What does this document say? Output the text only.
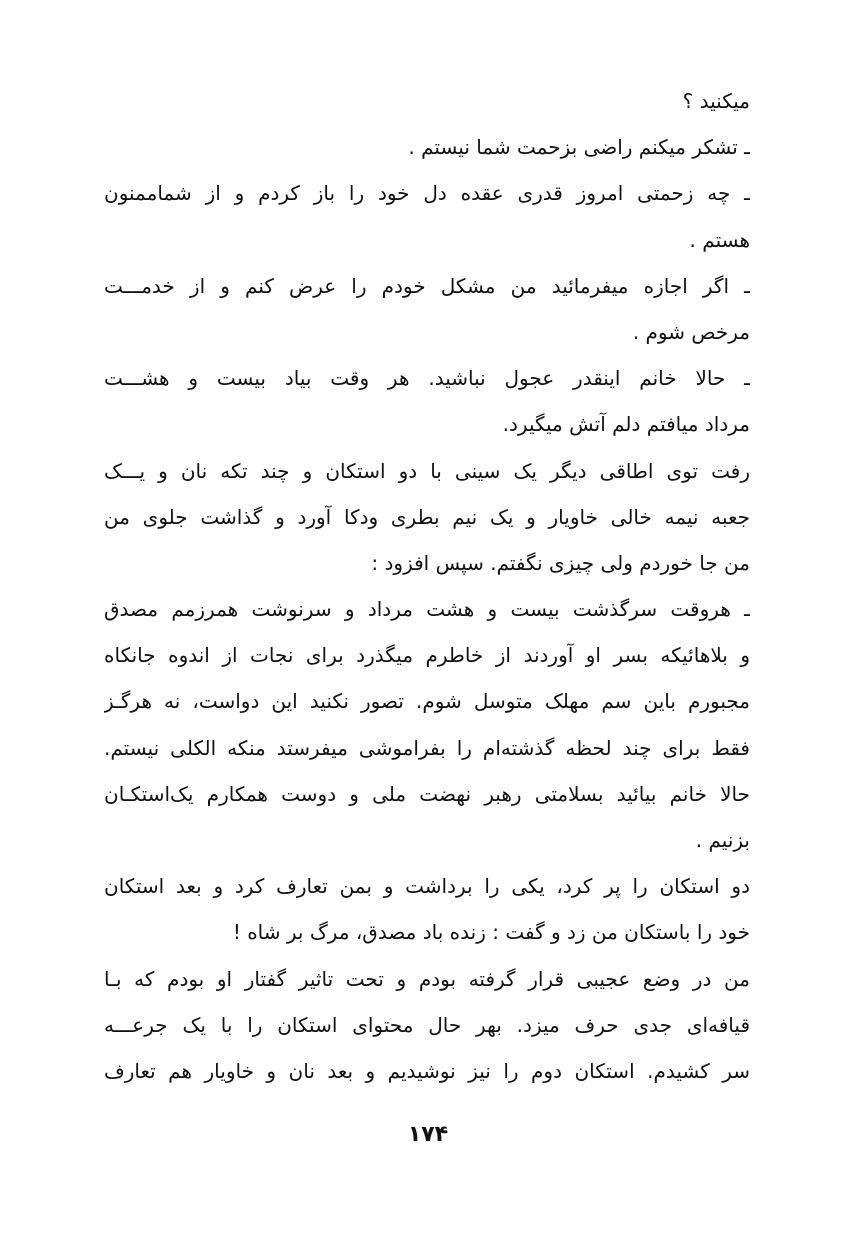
میکنید ؟
ـ تشکر میکنم راضی بزحمت شما نیستم .
ـ چه زحمتی امروز قدری عقده دل خود را باز کردم و از شماممنون
هستم .
ـ اگر اجازه میفرمائید من مشکل خودم را عرض کنم و از خدمـــت
مرخص شوم .
ـ حالا خانم اینقدر عجول نباشید. هر وقت بیاد بیست و هشـــت
مرداد میافتم دلم آتش میگیرد.
رفت توی اطاقی دیگر یک سینی با دو استکان و چند تکه نان و یـــک
جعبه نیمه خالی خاویار و یک نیم بطری ودکا آورد و گذاشت جلوی من
من جا خوردم ولی چیزی نگفتم. سپس افزود :
ـ هروقت سرگذشت بیست و هشت مرداد و سرنوشت همرزمم مصدق
و بلاهائیکه بسر او آوردند از خاطرم میگذرد برای نجات از اندوه جانکاه
مجبورم باین سم مهلک متوسل شوم. تصور نکنید این دواست، نه هرگـز
فقط برای چند لحظه گذشته‌ام را بفراموشی میفرستد منکه الکلی نیستم.
حالا خانم بیائید بسلامتی رهبر نهضت ملی و دوست همکارم یک‌استکـان
بزنیم .
دو استکان را پر کرد، یکی را برداشت و بمن تعارف کرد و بعد استکان
خود را باستکان من زد و گفت : زنده باد مصدق، مرگ بر شاه !
من در وضع عجیبی قرار گرفته بودم و تحت تاثیر گفتار او بودم که بـا
قیافه‌ای جدی حرف میزد. بهر حال محتوای استکان را با یک جرعـــه
سر کشیدم. استکان دوم را نیز نوشیدیم و بعد نان و خاویار هم تعارف
۱۷۴
